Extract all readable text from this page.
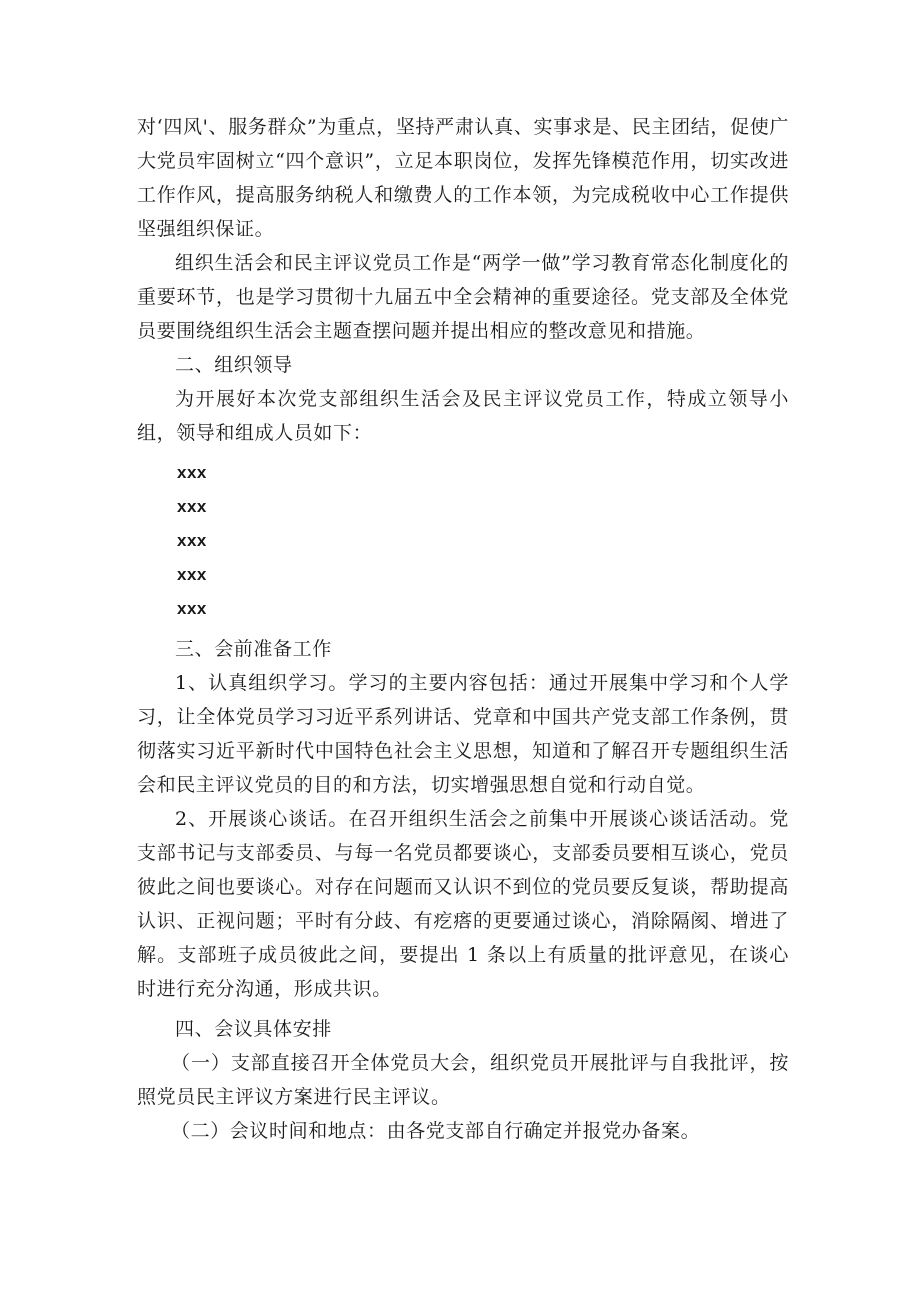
对‘四风'、服务群众”为重点，坚持严肃认真、实事求是、民主团结，促使广大党员牢固树立“四个意识”，立足本职岗位，发挥先锋模范作用，切实改进工作作风，提高服务纳税人和缴费人的工作本领，为完成税收中心工作提供坚强组织保证。

组织生活会和民主评议党员工作是“两学一做”学习教育常态化制度化的重要环节，也是学习贯彻十九届五中全会精神的重要途径。党支部及全体党员要围绕组织生活会主题查摆问题并提出相应的整改意见和措施。

二、组织领导

为开展好本次党支部组织生活会及民主评议党员工作，特成立领导小组，领导和组成人员如下：

xxx
xxx
xxx
xxx
xxx

三、会前准备工作

1、认真组织学习。学习的主要内容包括：通过开展集中学习和个人学习，让全体党员学习习近平系列讲话、党章和中国共产党支部工作条例，贯彻落实习近平新时代中国特色社会主义思想，知道和了解召开专题组织生活会和民主评议党员的目的和方法，切实增强思想自觉和行动自觉。

2、开展谈心谈话。在召开组织生活会之前集中开展谈心谈话活动。党支部书记与支部委员、与每一名党员都要谈心，支部委员要相互谈心，党员彼此之间也要谈心。对存在问题而又认识不到位的党员要反复谈，帮助提高认识、正视问题；平时有分歧、有疙瘩的更要通过谈心，消除隔阂、增进了解。支部班子成员彼此之间，要提出 1 条以上有质量的批评意见，在谈心时进行充分沟通，形成共识。

四、会议具体安排

（一）支部直接召开全体党员大会，组织党员开展批评与自我批评，按照党员民主评议方案进行民主评议。

（二）会议时间和地点：由各党支部自行确定并报党办备案。
